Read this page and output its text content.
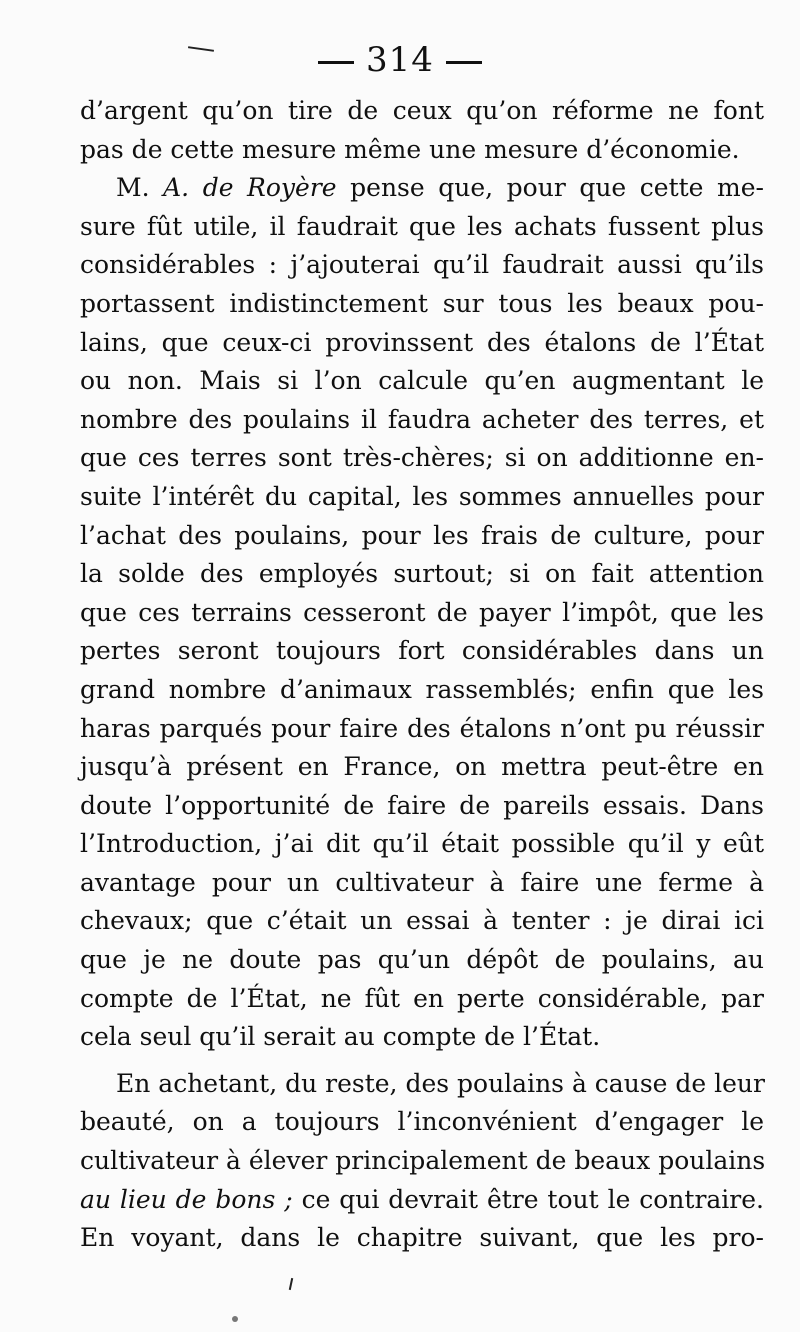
314
d’argent qu’on tire de ceux qu’on réforme ne font
pas de cette mesure même une mesure d’économie.
M. A. de Royère pense que, pour que cette me-
sure fût utile, il faudrait que les achats fussent plus
considérables : j’ajouterai qu’il faudrait aussi qu’ils
portassent indistinctement sur tous les beaux pou-
lains, que ceux-ci provinssent des étalons de l’État
ou non. Mais si l’on calcule qu’en augmentant le
nombre des poulains il faudra acheter des terres, et
que ces terres sont très-chères; si on additionne en-
suite l’intérêt du capital, les sommes annuelles pour
l’achat des poulains, pour les frais de culture, pour
la solde des employés surtout; si on fait attention
que ces terrains cesseront de payer l’impôt, que les
pertes seront toujours fort considérables dans un
grand nombre d’animaux rassemblés; enfin que les
haras parqués pour faire des étalons n’ont pu réussir
jusqu’à présent en France, on mettra peut-être en
doute l’opportunité de faire de pareils essais. Dans
l’Introduction, j’ai dit qu’il était possible qu’il y eût
avantage pour un cultivateur à faire une ferme à
chevaux; que c’était un essai à tenter : je dirai ici
que je ne doute pas qu’un dépôt de poulains, au
compte de l’État, ne fût en perte considérable, par
cela seul qu’il serait au compte de l’État.
En achetant, du reste, des poulains à cause de leur
beauté, on a toujours l’inconvénient d’engager le
cultivateur à élever principalement de beaux poulains
au lieu de bons ; ce qui devrait être tout le contraire.
En voyant, dans le chapitre suivant, que les pro-
